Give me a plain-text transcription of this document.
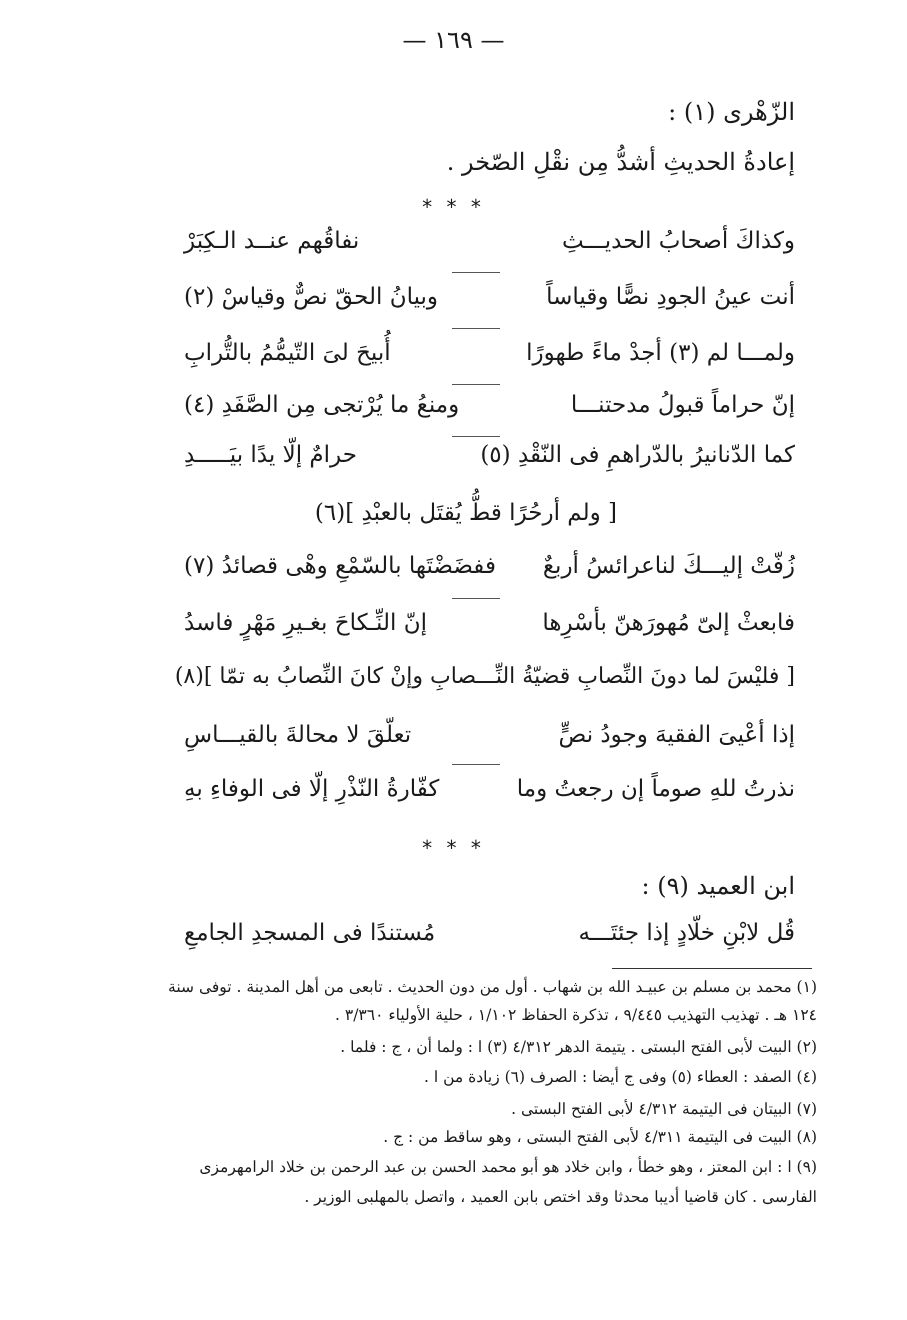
— ١٦٩ —
الزّهْرى (١) :
إعادةُ الحديثِ أشدُّ مِن نقْلِ الصّخر .
* * *
وكذاكَ أصحابُ الحديـــثِ
نفاقُهم عنــد الـكِبَرْ
أنت عينُ الجودِ نصًّا وقياساً
وبيانُ الحقّ نصٌّ وقياسْ (٢)
ولمـــا لم (٣) أجدْ ماءً طهورًا
أُبيحَ لىَ التّيمُّمُ بالتُّرابِ
إنّ حراماً قبولُ مدحتنـــا
ومنعُ ما يُرْتجى مِن الصَّفَدِ (٤)
كما الدّنانيرُ بالدّراهمِ فى النّقْدِ (٥)
حرامٌ إلّا يدًا بيَـــــدِ
[ ولم أرحُرًا قطُّ يُقتَل بالعبْدِ ](٦)
زُفّتْ إليـــكَ لناعرائسُ أربعٌ
ففضَضْتَها بالسّمْعِ وهْى قصائدُ (٧)
فابعثْ إلىّ مُهورَهنّ بأسْرِها
إنّ النِّـكاحَ بغـيرِ مَهْرٍ فاسدُ
[ فليْسَ لما دونَ النِّصابِ قضيّةُ النِّـــصابِ وإنْ كانَ النِّصابُ به تمّا ](٨)
إذا أعْيىَ الفقيهَ وجودُ نصٍّ
تعلّقَ لا محالةَ بالقيـــاسِ
نذرتُ للهِ صوماً إن رجعتُ وما
كفّارةُ النّذْرِ إلّا فى الوفاءِ بهِ
* * *
ابن العميد (٩) :
قُل لابْنِ خلّادٍ إذا جئتَـــه
مُستندًا فى المسجدِ الجامعِ
(١) محمد بن مسلم بن عبيـد الله بن شهاب . أول من دون الحديث . تابعى من أهل المدينة . توفى سنة
١٢٤ هـ . تهذيب التهذيب ٩/٤٤٥ ، تذكرة الحفاظ ١/١٠٢ ، حلية الأولياء ٣/٣٦٠ .
(٢) البيت لأبى الفتح البستى . يتيمة الدهر ٤/٣١٢ (٣) ا : ولما أن ، ج : فلما .
(٤) الصفد : العطاء (٥) وفى ج أيضا : الصرف (٦) زيادة من ا .
(٧) البيتان فى اليتيمة ٤/٣١٢ لأبى الفتح البستى .
(٨) البيت فى اليتيمة ٤/٣١١ لأبى الفتح البستى ، وهو ساقط من : ج .
(٩) ا : ابن المعتز ، وهو خطأ ، وابن خلاد هو أبو محمد الحسن بن عبد الرحمن بن خلاد الرامهرمزى
الفارسى . كان قاضيا أديبا محدثا وقد اختص بابن العميد ، واتصل بالمهلبى الوزير .
